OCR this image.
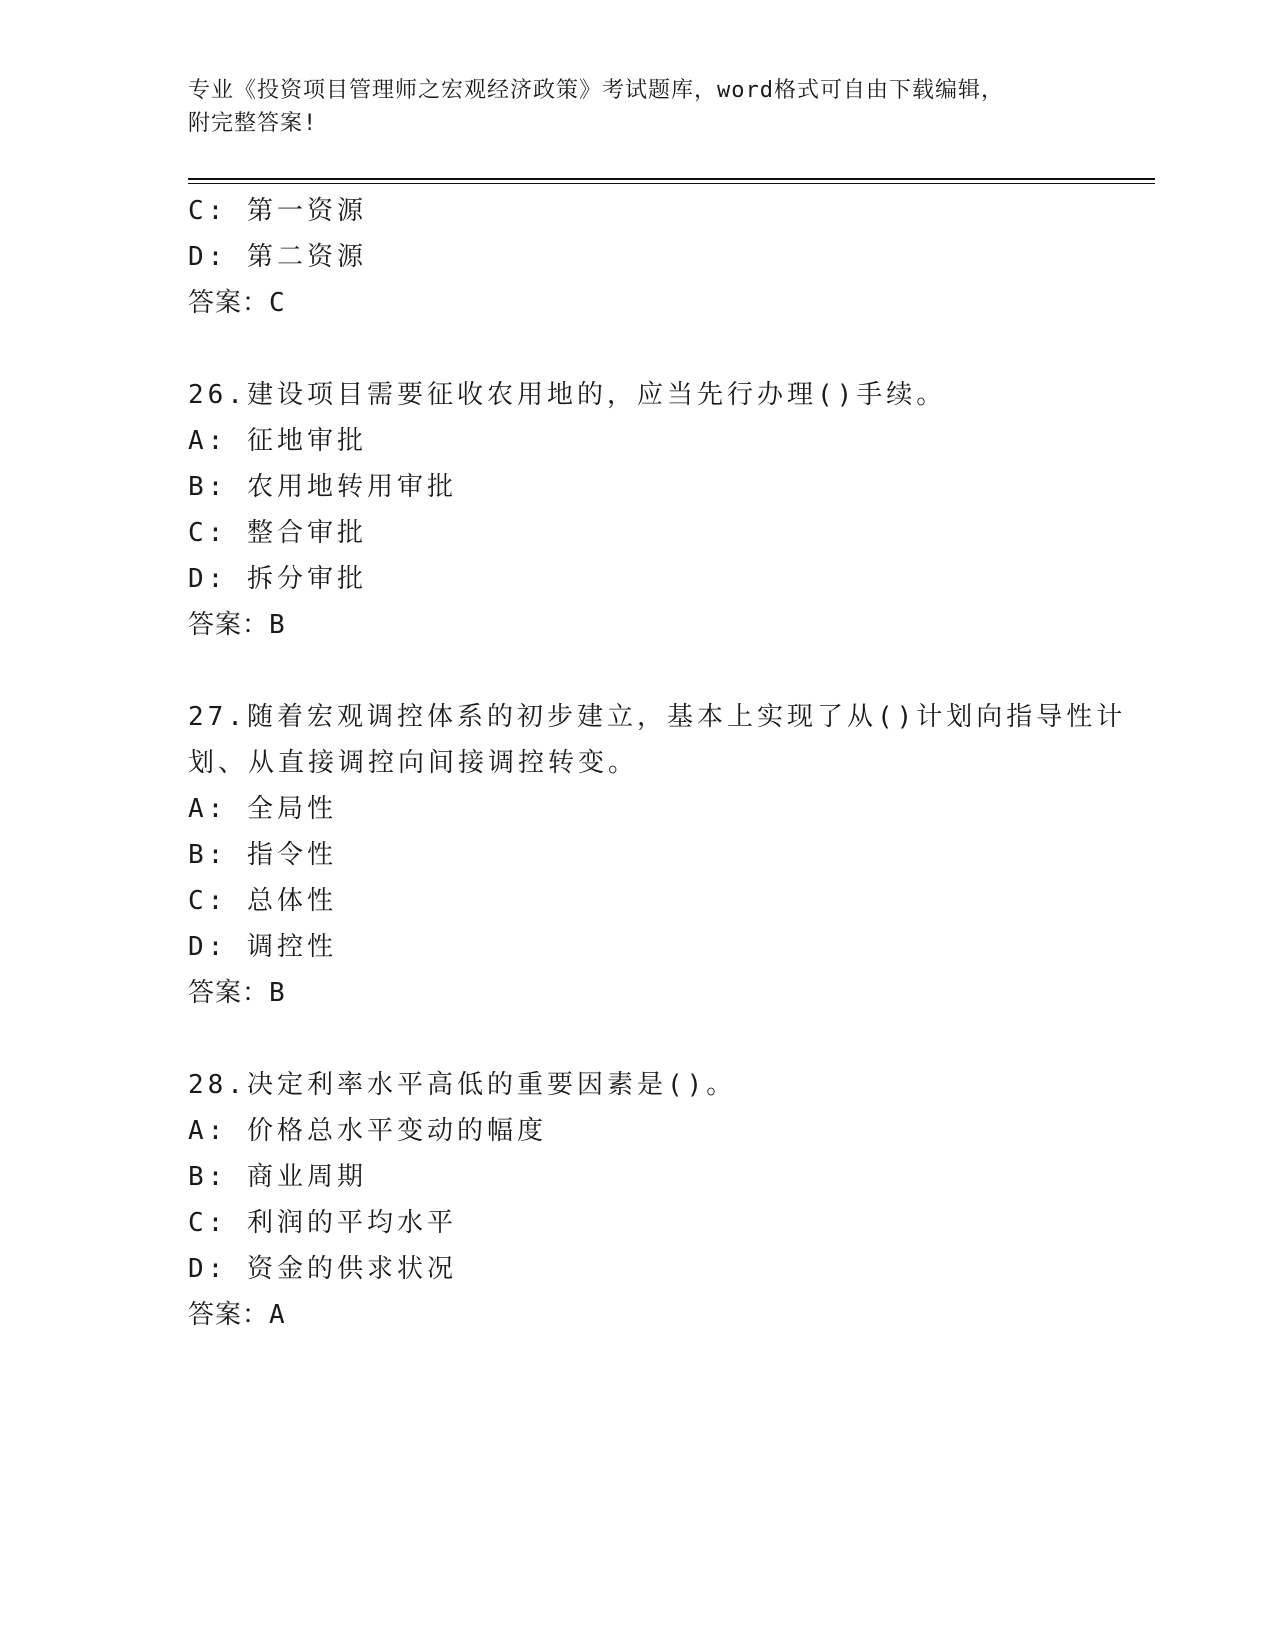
专业《投资项目管理师之宏观经济政策》考试题库，word格式可自由下载编辑，
附完整答案!
C: 第一资源
D: 第二资源
答案：C
26.建设项目需要征收农用地的，应当先行办理()手续。
A: 征地审批
B: 农用地转用审批
C: 整合审批
D: 拆分审批
答案：B
27.随着宏观调控体系的初步建立，基本上实现了从()计划向指导性计
划、从直接调控向间接调控转变。
A: 全局性
B: 指令性
C: 总体性
D: 调控性
答案：B
28.决定利率水平高低的重要因素是()。
A: 价格总水平变动的幅度
B: 商业周期
C: 利润的平均水平
D: 资金的供求状况
答案：A
